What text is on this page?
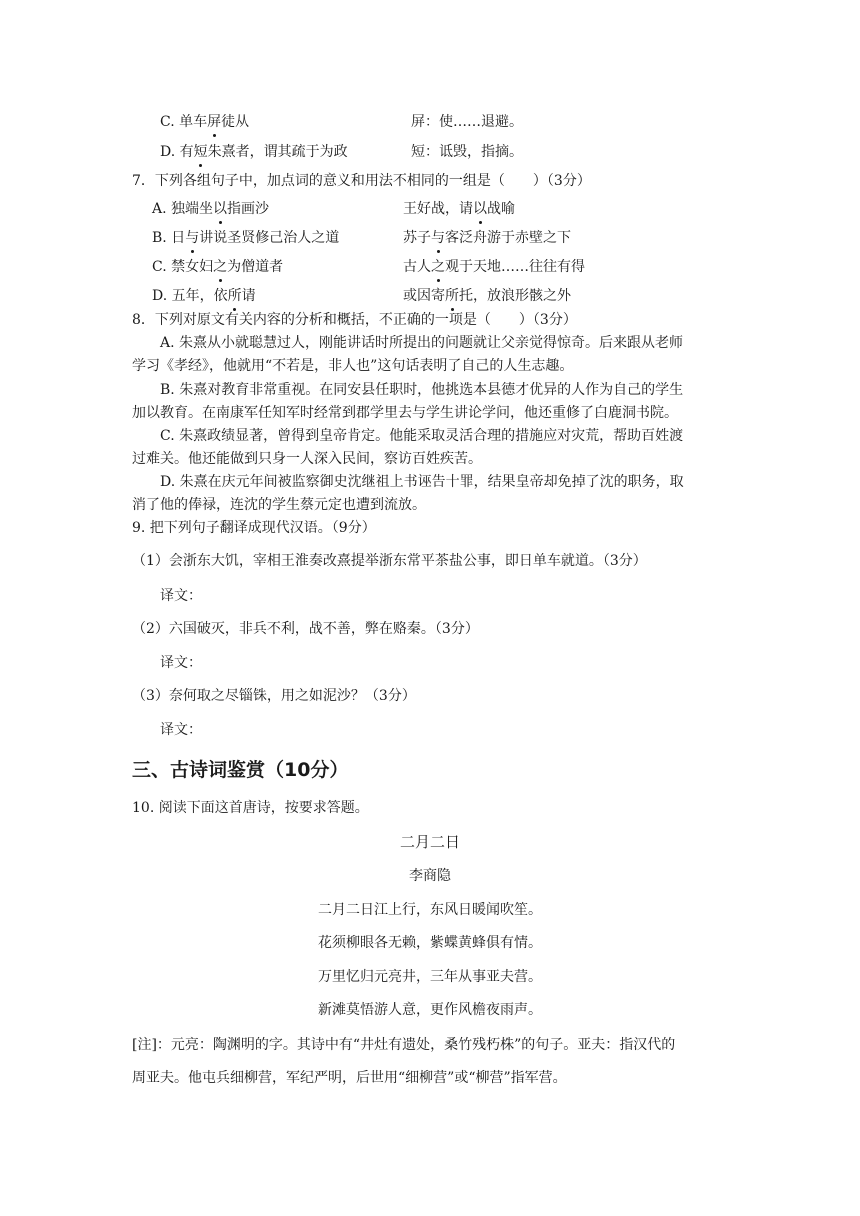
C. 单车屏徒从	屏：使……退避。
D. 有短朱熹者，谓其疏于为政	短：诋毁，指摘。
7．下列各组句子中，加点词的意义和用法不相同的一组是（　　）（3分）
A. 独端坐以指画沙	王好战，请以战喻
B. 日与讲说圣贤修己治人之道	苏子与客泛舟游于赤壁之下
C. 禁女妇之为僧道者	古人之观于天地……往往有得
D. 五年，依所请	或因寄所托，放浪形骸之外
8．下列对原文有关内容的分析和概括，不正确的一项是（　　）（3分）
A. 朱熹从小就聪慧过人，刚能讲话时所提出的问题就让父亲觉得惊奇。后来跟从老师
学习《孝经》，他就用“不若是，非人也”这句话表明了自己的人生志趣。
B. 朱熹对教育非常重视。在同安县任职时，他挑选本县德才优异的人作为自己的学生
加以教育。在南康军任知军时经常到郡学里去与学生讲论学问，他还重修了白鹿洞书院。
C. 朱熹政绩显著，曾得到皇帝肯定。他能采取灵活合理的措施应对灾荒，帮助百姓渡
过难关。他还能做到只身一人深入民间，察访百姓疾苦。
D. 朱熹在庆元年间被监察御史沈继祖上书诬告十罪，结果皇帝却免掉了沈的职务，取
消了他的俸禄，连沈的学生蔡元定也遭到流放。
9. 把下列句子翻译成现代汉语。（9分）
（1）会浙东大饥，宰相王淮奏改熹提举浙东常平茶盐公事，即日单车就道。（3分）
译文：
（2）六国破灭，非兵不利，战不善，弊在赂秦。（3分）
译文：
（3）奈何取之尽锱铢，用之如泥沙？（3分）
译文：
三、古诗词鉴赏（10分）
10. 阅读下面这首唐诗，按要求答题。
二月二日
李商隐
二月二日江上行，东风日暖闻吹笙。
花须柳眼各无赖，紫蝶黄蜂俱有情。
万里忆归元亮井，三年从事亚夫营。
新滩莫悟游人意，更作风檐夜雨声。
[注]：元亮：陶渊明的字。其诗中有“井灶有遗处，桑竹残朽株”的句子。亚夫：指汉代的
周亚夫。他屯兵细柳营，军纪严明，后世用“细柳营”或“柳营”指军营。
